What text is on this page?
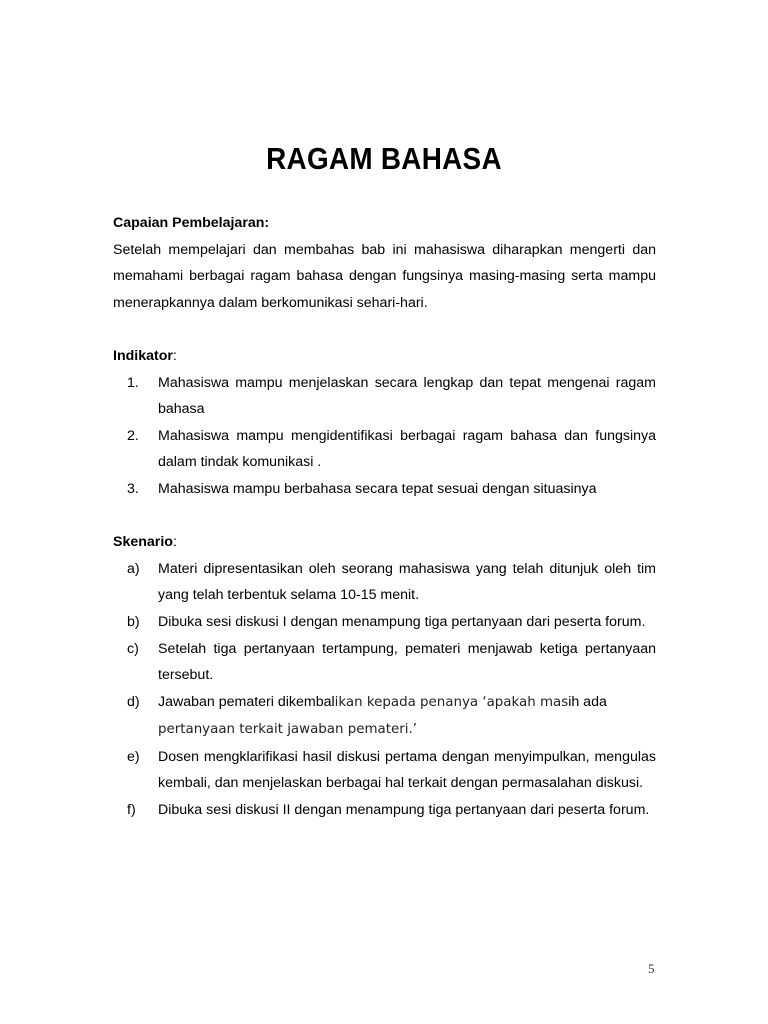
RAGAM BAHASA
Capaian Pembelajaran:
Setelah mempelajari dan membahas bab ini mahasiswa diharapkan mengerti dan memahami berbagai ragam bahasa dengan fungsinya masing-masing serta mampu menerapkannya dalam berkomunikasi sehari-hari.
Indikator:
1. Mahasiswa mampu menjelaskan secara lengkap dan tepat mengenai ragam bahasa
2. Mahasiswa mampu mengidentifikasi berbagai ragam bahasa dan fungsinya dalam tindak komunikasi .
3. Mahasiswa mampu berbahasa secara tepat sesuai dengan situasinya
Skenario:
a) Materi dipresentasikan oleh seorang mahasiswa yang telah ditunjuk oleh tim yang telah terbentuk selama 10-15 menit.
b) Dibuka sesi diskusi I dengan menampung tiga pertanyaan dari peserta forum.
c) Setelah tiga pertanyaan tertampung, pemateri menjawab ketiga pertanyaan tersebut.
d) Jawaban pemateri dikembalikan kepada penanya ‘apakah masih ada
pertanyaan terkait jawaban pemateri.’
e) Dosen mengklarifikasi hasil diskusi pertama dengan menyimpulkan, mengulas kembali, dan menjelaskan berbagai hal terkait dengan permasalahan diskusi.
f) Dibuka sesi diskusi II dengan menampung tiga pertanyaan dari peserta forum.
5
